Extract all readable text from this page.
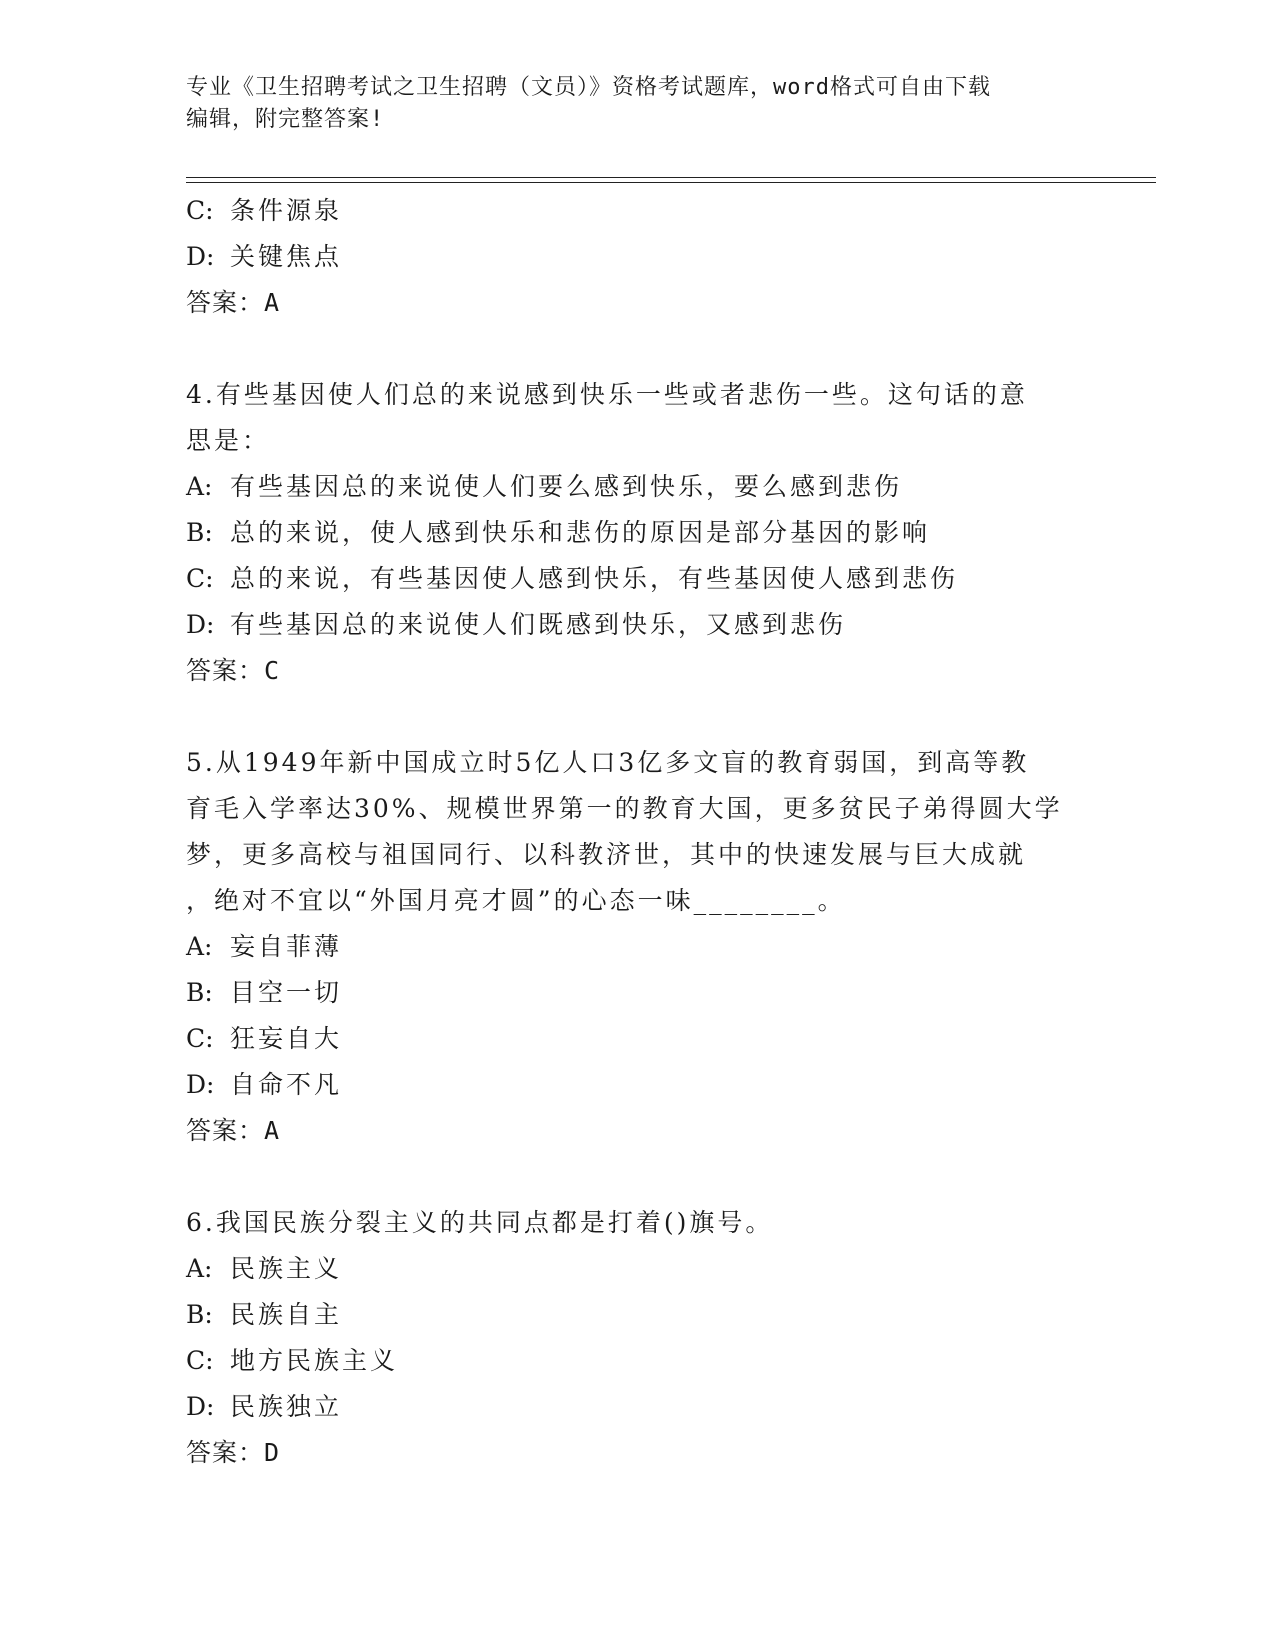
专业《卫生招聘考试之卫生招聘（文员）》资格考试题库，word格式可自由下载
编辑，附完整答案!
C: 条件源泉
D: 关键焦点
答案：A
4.有些基因使人们总的来说感到快乐一些或者悲伤一些。这句话的意
思是：
A: 有些基因总的来说使人们要么感到快乐，要么感到悲伤
B: 总的来说，使人感到快乐和悲伤的原因是部分基因的影响
C: 总的来说，有些基因使人感到快乐，有些基因使人感到悲伤
D: 有些基因总的来说使人们既感到快乐，又感到悲伤
答案：C
5.从1949年新中国成立时5亿人口3亿多文盲的教育弱国，到高等教
育毛入学率达30%、规模世界第一的教育大国，更多贫民子弟得圆大学
梦，更多高校与祖国同行、以科教济世，其中的快速发展与巨大成就
，绝对不宜以“外国月亮才圆”的心态一味________。
A: 妄自菲薄
B: 目空一切
C: 狂妄自大
D: 自命不凡
答案：A
6.我国民族分裂主义的共同点都是打着()旗号。
A: 民族主义
B: 民族自主
C: 地方民族主义
D: 民族独立
答案：D
